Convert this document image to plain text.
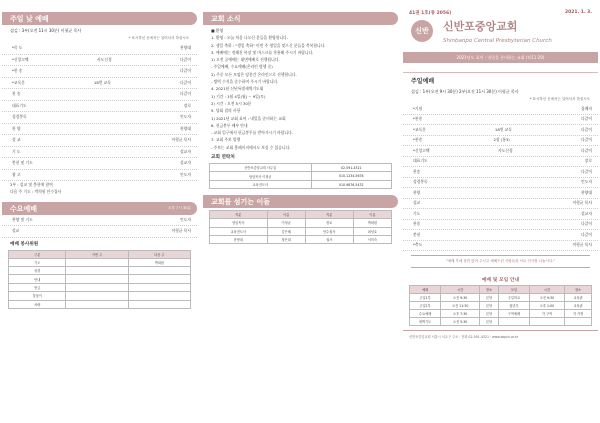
주일 낮 예배
섬김 : 3부(오전 11시 30분) 이형균 목사
* 표시하신 곳에서는 일어서서 하십시오
*묵 도	찬양대
*신앙고백	사도신경	다같이
*찬 송	다같이
*교독문	18번 교독	다같이
찬 송	다같이
대표기도	장로
성경봉독	인도자
찬 양	찬양대
설 교	이형균 목사
기 도	설교자
봉헌 및 기도	설교자
광 고	인도자
2부 : 설교 및 봉헌에 참여
다음 주 기도 : 박희원 안수집사
수요예배	오후 7시 30분
찬양 및 기도	인도자
설교	이형균 목사
예배 봉사위원
구분	이번 주	다음 주
기도		박희원
성경		
안내		
헌금		
꽃꽂이		
차량		
교회 소식
■ 환영
1. 환영 : 오늘 처음 나오신 분들을 환영합니다.
2. 생일 축하 : "생일 축하" 이번 주 생일을 맞으신 분들을 축복합니다.
3. 예배에는 정해진 복장 및 마스크를 착용해 주시기 바랍니다.
1) 오전 공예배는 대면예배로 진행됩니다.
- 주일예배, 수요예배(온라인 병행 중)
2) 주중 모든 모임은 당분간 온라인으로 진행합니다.
- 방역 수칙을 준수하여 주시기 바랍니다.
4. 2021년 신년특별새벽기도회
1) 기간 : 1월 4일(월) ~ 9일(토)
2) 시간 : 오전 5시 30분
5. 당회 결의 사항
1) 2021년 교회 표어 : 내일을 준비하는 교회
6. 헌금봉투 배부 안내
- 교회 입구에서 헌금봉투를 받아가시기 바랍니다.
7. 교회 주보 발행
- 주보는 교회 홈페이지에서도 보실 수 있습니다.
교회 연락처
신반포중앙교회 사무실	02-591-4321
담임목사 이형균	010-1234-5678
교육전도사	010-9876-5432
교회를 섬기는 이들
직분	이름	직분	이름
담임목사	이형균	장로	박희원
교육전도사	김은혜	안수집사	최성호
찬양대	정은희	권사	이미숙
41권 1호(통 2056)	2021. 1. 3.
신반	신반포중앙교회
Shinbanpo Central Presbyterian Church
2021년도 표어 : 내일을 준비하는 교회 (히11:29)
주일예배
섬김 : 1부(오전 9시 30분) 2부(오전 11시 30분) 이형균 목사
* 표시하신 곳에서는 일어서서 하십시오
*기원	집례자
*찬송	다같이
*교독문	18번 교독	다같이
*찬송	2장 (통3)	다같이
*신앙고백	사도신경	다같이
대표기도	장로
찬송	다같이
성경봉독	인도자
찬양	찬양대
설교	이형균 목사
기도	설교자
찬송	다같이
봉헌	다같이
*축도	이형균 목사
"예배 후에 잠깐 앉아 주시고 예배드린 사람들과 서로 인사를 나눕시다."
예배 및 모임 안내
예배	시간	장소	모임	시간	장소
주일1부	오전 9:30	본당	주일학교	오전 9:30	교육관
주일2부	오전 11:30	본당	청년부	오후 1:00	교육관
수요예배	오후 7:30	본당	구역예배	각 구역	각 가정
새벽기도	오전 5:30	본당			
신반포중앙교회 서울시 서초구 주소 · 전화 02-591-4321 · www.sbpch.or.kr
